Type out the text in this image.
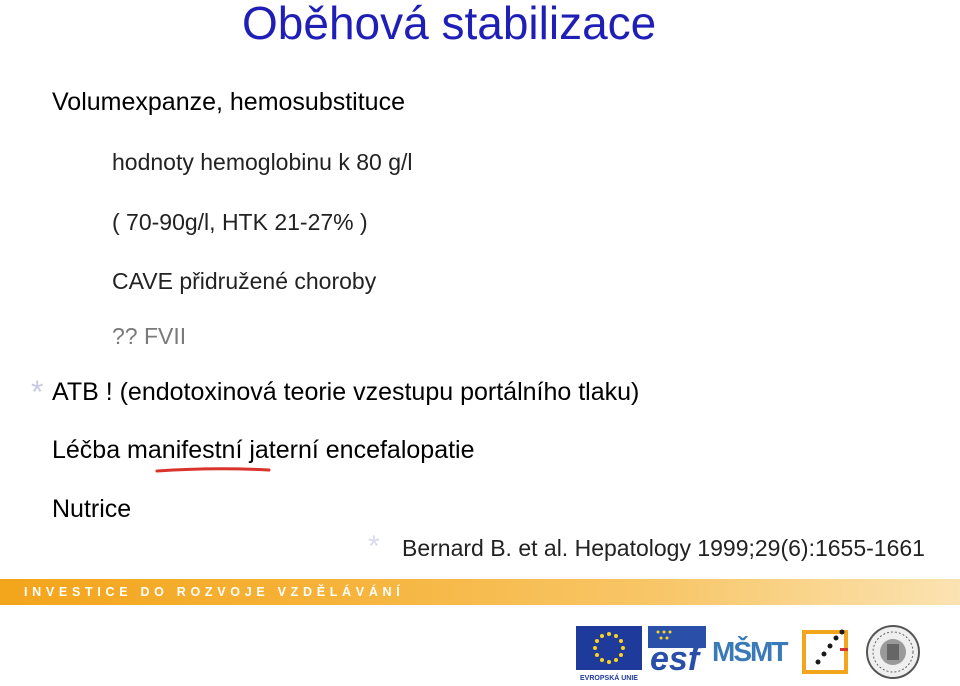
Oběhová stabilizace
Volumexpanze, hemosubstituce
hodnoty hemoglobinu k 80 g/l
( 70-90g/l, HTK 21-27% )
CAVE přidružené choroby
?? FVII
* ATB ! (endotoxinová teorie vzestupu portálního tlaku)
Léčba manifestní jaterní encefalopatie
Nutrice
* Bernard B. et al. Hepatology 1999;29(6):1655-1661
INVESTICE DO ROZVOJE VZDĚLÁVÁNÍ
EVROPSKÁ UNIE
esf MŠMT
